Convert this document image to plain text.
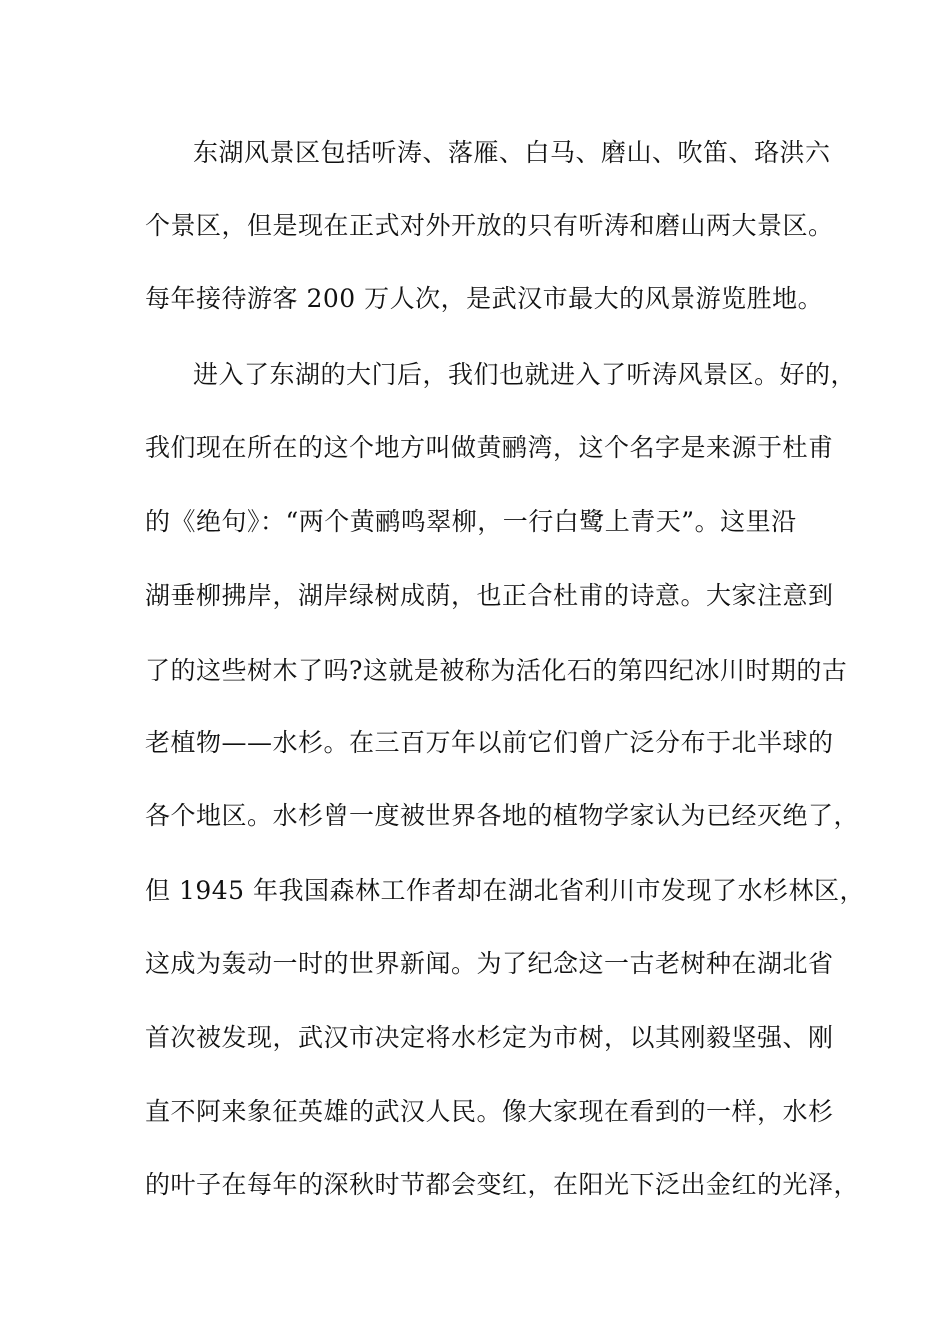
东湖风景区包括听涛、落雁、白马、磨山、吹笛、珞洪六
个景区，但是现在正式对外开放的只有听涛和磨山两大景区。
每年接待游客 200 万人次，是武汉市最大的风景游览胜地。
进入了东湖的大门后，我们也就进入了听涛风景区。好的，
我们现在所在的这个地方叫做黄鹂湾，这个名字是来源于杜甫
的《绝句》：“两个黄鹂鸣翠柳，一行白鹭上青天”。这里沿
湖垂柳拂岸，湖岸绿树成荫，也正合杜甫的诗意。大家注意到
了的这些树木了吗?这就是被称为活化石的第四纪冰川时期的古
老植物——水杉。在三百万年以前它们曾广泛分布于北半球的
各个地区。水杉曾一度被世界各地的植物学家认为已经灭绝了，
但 1945 年我国森林工作者却在湖北省利川市发现了水杉林区，
这成为轰动一时的世界新闻。为了纪念这一古老树种在湖北省
首次被发现，武汉市决定将水杉定为市树，以其刚毅坚强、刚
直不阿来象征英雄的武汉人民。像大家现在看到的一样，水杉
的叶子在每年的深秋时节都会变红，在阳光下泛出金红的光泽，
